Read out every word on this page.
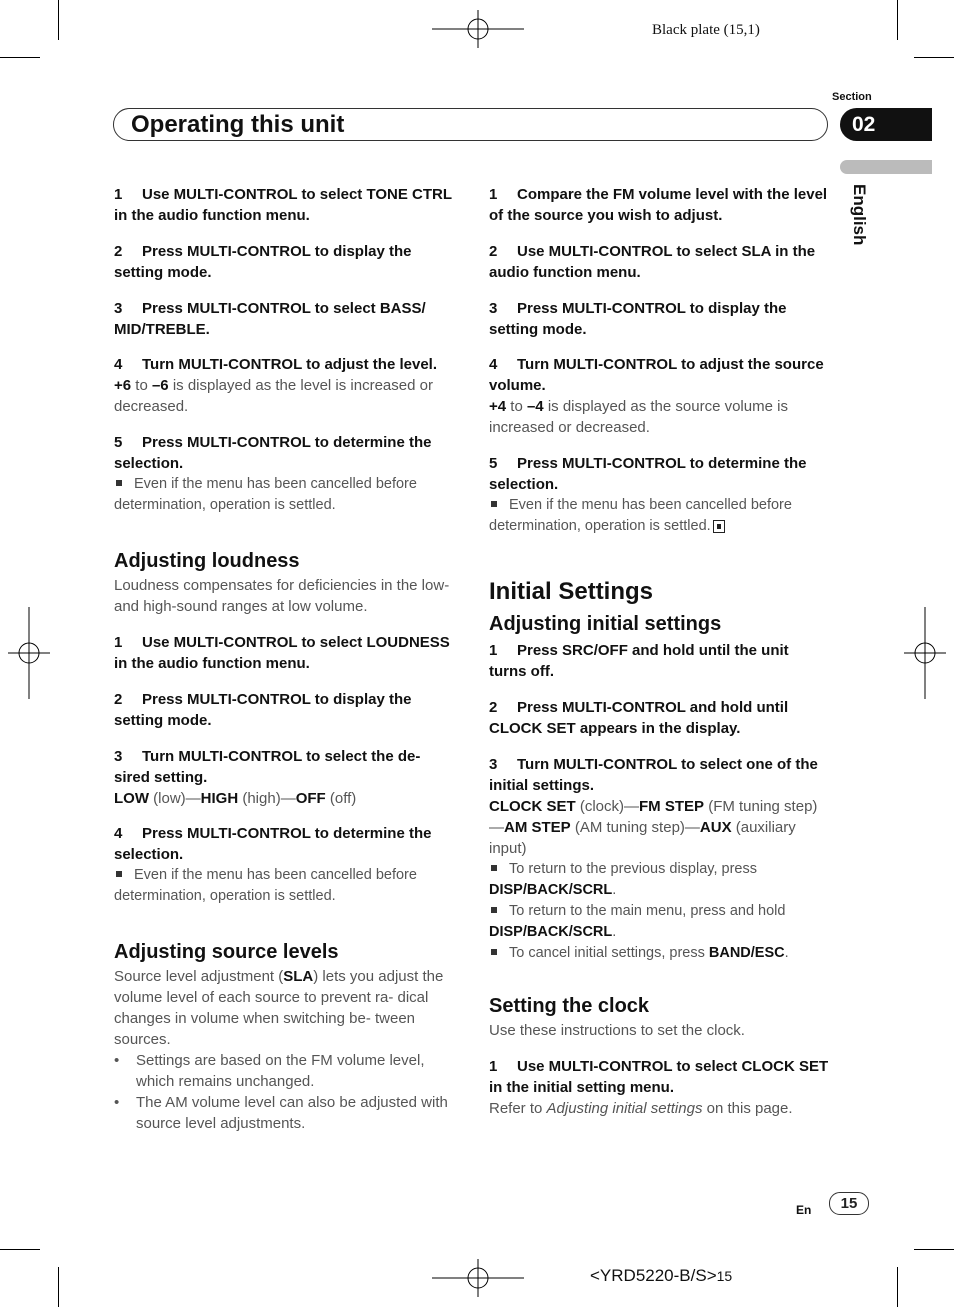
Black plate (15,1)
Operating this unit
Section
02
English

1 Use MULTI-CONTROL to select TONE CTRL in the audio function menu.

2 Press MULTI-CONTROL to display the setting mode.

3 Press MULTI-CONTROL to select BASS/ MID/TREBLE.

4 Turn MULTI-CONTROL to adjust the level.

+6 to –6 is displayed as the level is increased or decreased.

5 Press MULTI-CONTROL to determine the selection.

Even if the menu has been cancelled before determination, operation is settled.

Adjusting loudness

Loudness compensates for deficiencies in the low- and high-sound ranges at low volume.

1 Use MULTI-CONTROL to select LOUDNESS in the audio function menu.

2 Press MULTI-CONTROL to display the setting mode.

3 Turn MULTI-CONTROL to select the de- sired setting.

LOW (low)—HIGH (high)—OFF (off)

4 Press MULTI-CONTROL to determine the selection.

Even if the menu has been cancelled before determination, operation is settled.

Adjusting source levels

Source level adjustment (SLA) lets you adjust the volume level of each source to prevent ra- dical changes in volume when switching be- tween sources.

• Settings are based on the FM volume level, which remains unchanged.

• The AM volume level can also be adjusted with source level adjustments.

1 Compare the FM volume level with the level of the source you wish to adjust.

2 Use MULTI-CONTROL to select SLA in the audio function menu.

3 Press MULTI-CONTROL to display the setting mode.

4 Turn MULTI-CONTROL to adjust the source volume.

+4 to –4 is displayed as the source volume is increased or decreased.

5 Press MULTI-CONTROL to determine the selection.

Even if the menu has been cancelled before determination, operation is settled.

Initial Settings

Adjusting initial settings

1 Press SRC/OFF and hold until the unit turns off.

2 Press MULTI-CONTROL and hold until CLOCK SET appears in the display.

3 Turn MULTI-CONTROL to select one of the initial settings.

CLOCK SET (clock)—FM STEP (FM tuning step)—AM STEP (AM tuning step)—AUX (auxiliary input)

To return to the previous display, press DISP/BACK/SCRL.

To return to the main menu, press and hold DISP/BACK/SCRL.

To cancel initial settings, press BAND/ESC.

Setting the clock

Use these instructions to set the clock.

1 Use MULTI-CONTROL to select CLOCK SET in the initial setting menu.

Refer to Adjusting initial settings on this page.

En	15
<YRD5220-B/S>15
